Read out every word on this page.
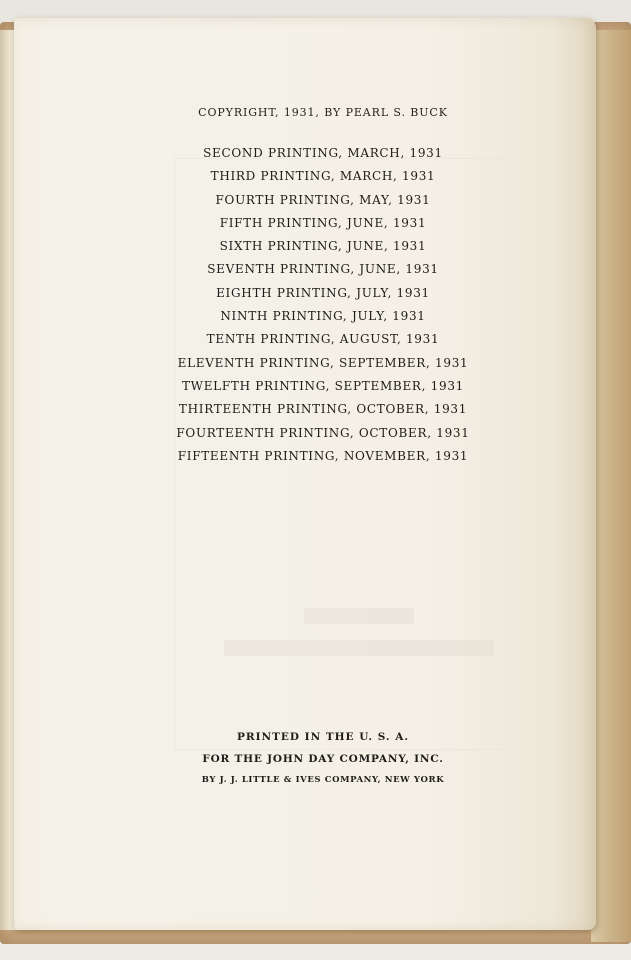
COPYRIGHT, 1931, BY PEARL S. BUCK
SECOND PRINTING, MARCH, 1931
THIRD PRINTING, MARCH, 1931
FOURTH PRINTING, MAY, 1931
FIFTH PRINTING, JUNE, 1931
SIXTH PRINTING, JUNE, 1931
SEVENTH PRINTING, JUNE, 1931
EIGHTH PRINTING, JULY, 1931
NINTH PRINTING, JULY, 1931
TENTH PRINTING, AUGUST, 1931
ELEVENTH PRINTING, SEPTEMBER, 1931
TWELFTH PRINTING, SEPTEMBER, 1931
THIRTEENTH PRINTING, OCTOBER, 1931
FOURTEENTH PRINTING, OCTOBER, 1931
FIFTEENTH PRINTING, NOVEMBER, 1931
PRINTED IN THE U. S. A.
FOR THE JOHN DAY COMPANY, INC.
BY J. J. LITTLE & IVES COMPANY, NEW YORK
